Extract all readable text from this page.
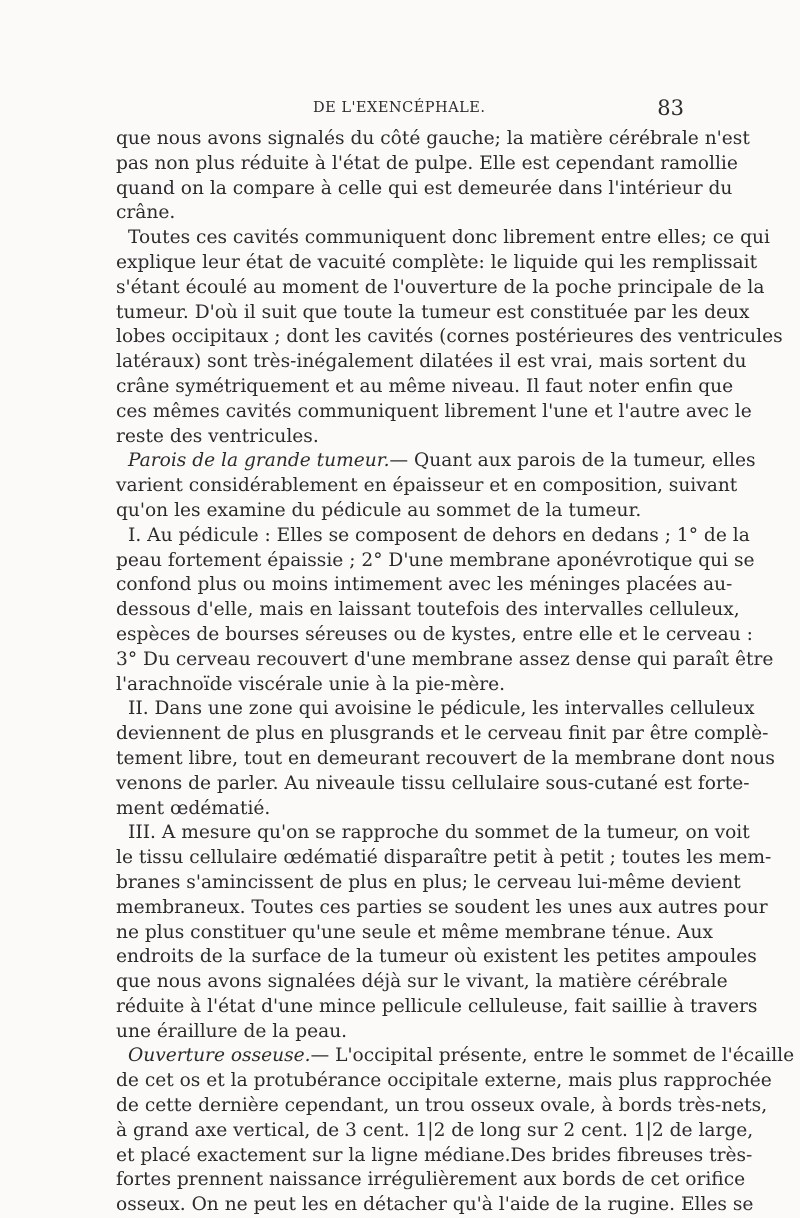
DE L'EXENCÉPHALE.	83
que nous avons signalés du côté gauche; la matière cérébrale n'est
pas non plus réduite à l'état de pulpe. Elle est cependant ramollie
quand on la compare à celle qui est demeurée dans l'intérieur du
crâne.
Toutes ces cavités communiquent donc librement entre elles; ce qui
explique leur état de vacuité complète: le liquide qui les remplissait
s'étant écoulé au moment de l'ouverture de la poche principale de la
tumeur. D'où il suit que toute la tumeur est constituée par les deux
lobes occipitaux ; dont les cavités (cornes postérieures des ventricules
latéraux) sont très-inégalement dilatées il est vrai, mais sortent du
crâne symétriquement et au même niveau. Il faut noter enfin que
ces mêmes cavités communiquent librement l'une et l'autre avec le
reste des ventricules.
Parois de la grande tumeur.— Quant aux parois de la tumeur, elles
varient considérablement en épaisseur et en composition, suivant
qu'on les examine du pédicule au sommet de la tumeur.
I. Au pédicule : Elles se composent de dehors en dedans ; 1° de la
peau fortement épaissie ; 2° D'une membrane aponévrotique qui se
confond plus ou moins intimement avec les méninges placées au-
dessous d'elle, mais en laissant toutefois des intervalles celluleux,
espèces de bourses séreuses ou de kystes, entre elle et le cerveau :
3° Du cerveau recouvert d'une membrane assez dense qui paraît être
l'arachnoïde viscérale unie à la pie-mère.
II. Dans une zone qui avoisine le pédicule, les intervalles celluleux
deviennent de plus en plusgrands et le cerveau finit par être complè-
tement libre, tout en demeurant recouvert de la membrane dont nous
venons de parler. Au niveaule tissu cellulaire sous-cutané est forte-
ment œdématié.
III. A mesure qu'on se rapproche du sommet de la tumeur, on voit
le tissu cellulaire œdématié disparaître petit à petit ; toutes les mem-
branes s'amincissent de plus en plus; le cerveau lui-même devient
membraneux. Toutes ces parties se soudent les unes aux autres pour
ne plus constituer qu'une seule et même membrane ténue. Aux
endroits de la surface de la tumeur où existent les petites ampoules
que nous avons signalées déjà sur le vivant, la matière cérébrale
réduite à l'état d'une mince pellicule celluleuse, fait saillie à travers
une éraillure de la peau.
Ouverture osseuse.— L'occipital présente, entre le sommet de l'écaille
de cet os et la protubérance occipitale externe, mais plus rapprochée
de cette dernière cependant, un trou osseux ovale, à bords très-nets,
à grand axe vertical, de 3 cent. 1|2 de long sur 2 cent. 1|2 de large,
et placé exactement sur la ligne médiane.Des brides fibreuses très-
fortes prennent naissance irrégulièrement aux bords de cet orifice
osseux. On ne peut les en détacher qu'à l'aide de la rugine. Elles se
